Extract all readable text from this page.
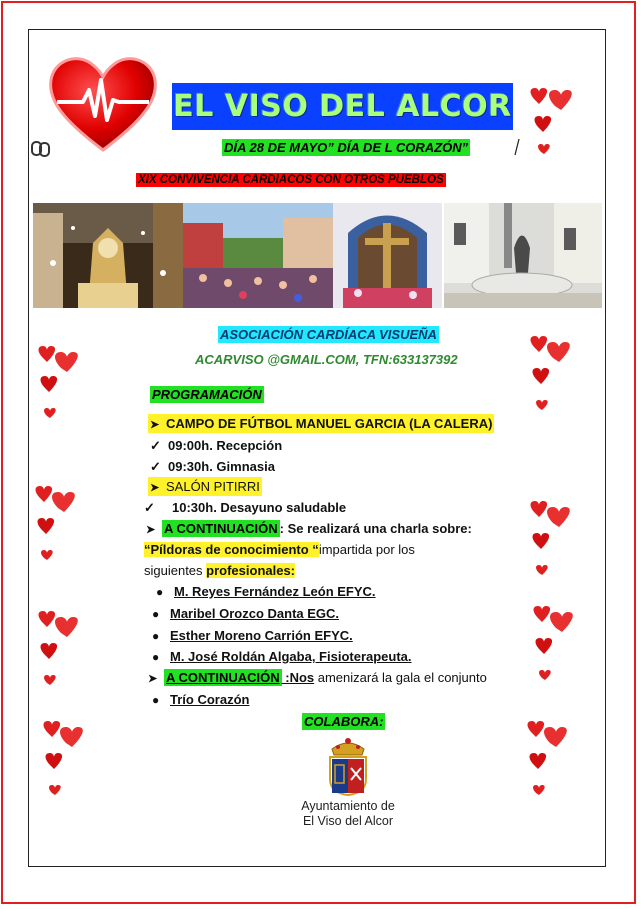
EL VISO DEL ALCOR
DÍA 28 DE MAYO” DÍA DE L CORAZÓN”
XIX CONVIVENCIA CARDIACOS CON OTROS PUEBLOS
ASOCIACIÓN CARDÍACA VISUEÑA
ACARVISO @GMAIL.COM, TFN:633137392
PROGRAMACIÓN
➤ CAMPO DE FÚTBOL MANUEL GARCIA (LA CALERA)
✓ 09:00h. Recepción
✓ 09:30h. Gimnasia
➤ SALÓN PITIRRI
✓ 10:30h. Desayuno saludable
➤ A CONTINUACIÓN : Se realizará una charla sobre:
“Píldoras de conocimiento “impartida por los
siguientes profesionales:
● M. Reyes Fernández León EFYC.
● Maribel Orozco Danta EGC.
● Esther Moreno Carrión EFYC.
● M. José Roldán Algaba, Fisioterapeuta.
➤ A CONTINUACIÓN :Nos amenizará la gala el conjunto
● Trío Corazón
COLABORA:
Ayuntamiento de
El Viso del Alcor
